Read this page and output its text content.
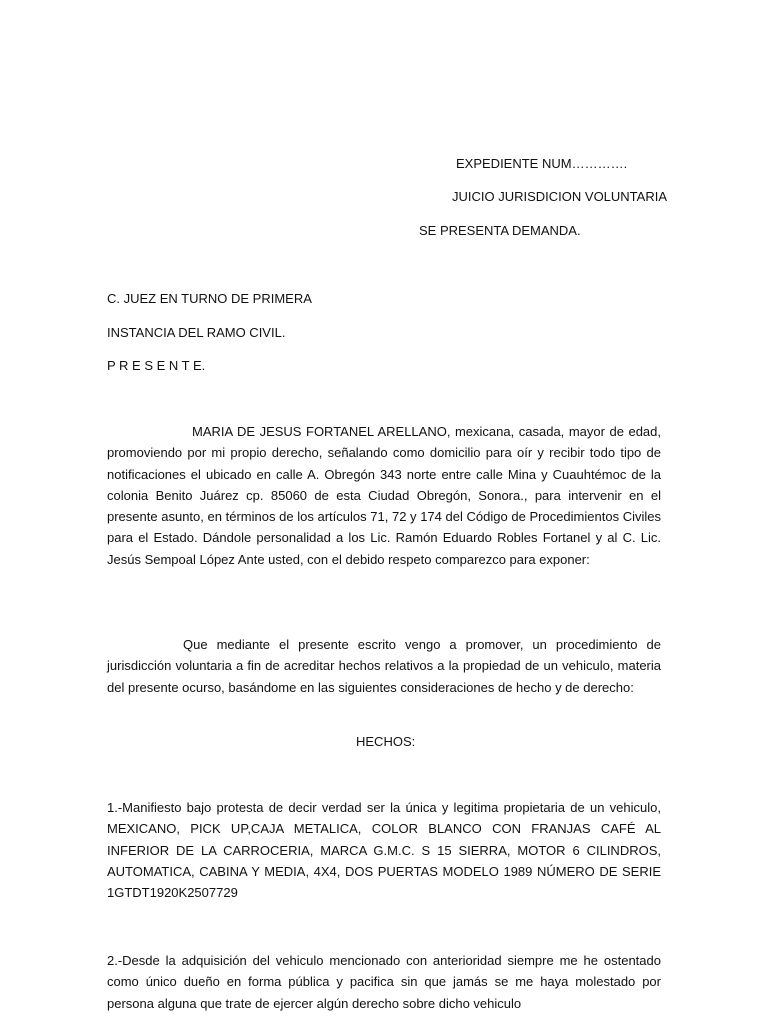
EXPEDIENTE NUM………….
JUICIO JURISDICION VOLUNTARIA
SE PRESENTA DEMANDA.
C. JUEZ EN TURNO DE PRIMERA
INSTANCIA DEL RAMO CIVIL.
P R E S E N T E.
MARIA DE JESUS FORTANEL ARELLANO, mexicana, casada, mayor de edad, promoviendo por mi propio derecho, señalando como domicilio para oír y recibir todo tipo de notificaciones el ubicado en calle A. Obregón 343 norte entre calle Mina y Cuauhtémoc de la colonia Benito Juárez cp. 85060 de esta Ciudad Obregón, Sonora., para intervenir en el presente asunto, en términos de los artículos 71, 72 y 174 del Código de Procedimientos Civiles para el Estado. Dándole personalidad a los Lic. Ramón Eduardo Robles Fortanel y al C. Lic. Jesús Sempoal López Ante usted, con el debido respeto comparezco para exponer:
Que mediante el presente escrito vengo a promover, un procedimiento de jurisdicción voluntaria a fin de acreditar hechos relativos a la propiedad de un vehiculo, materia del presente ocurso, basándome en las siguientes consideraciones de hecho y de derecho:
HECHOS:
1.-Manifiesto bajo protesta de decir verdad ser la única y legitima propietaria de un vehiculo, MEXICANO, PICK UP,CAJA METALICA, COLOR BLANCO CON FRANJAS CAFÉ AL INFERIOR DE LA CARROCERIA, MARCA G.M.C. S 15 SIERRA, MOTOR 6 CILINDROS, AUTOMATICA, CABINA Y MEDIA, 4X4, DOS PUERTAS MODELO 1989 NÚMERO DE SERIE 1GTDT1920K2507729
2.-Desde la adquisición del vehiculo mencionado con anterioridad siempre me he ostentado como único dueño en forma pública y pacifica sin que jamás se me haya molestado por persona alguna que trate de ejercer algún derecho sobre dicho vehiculo
